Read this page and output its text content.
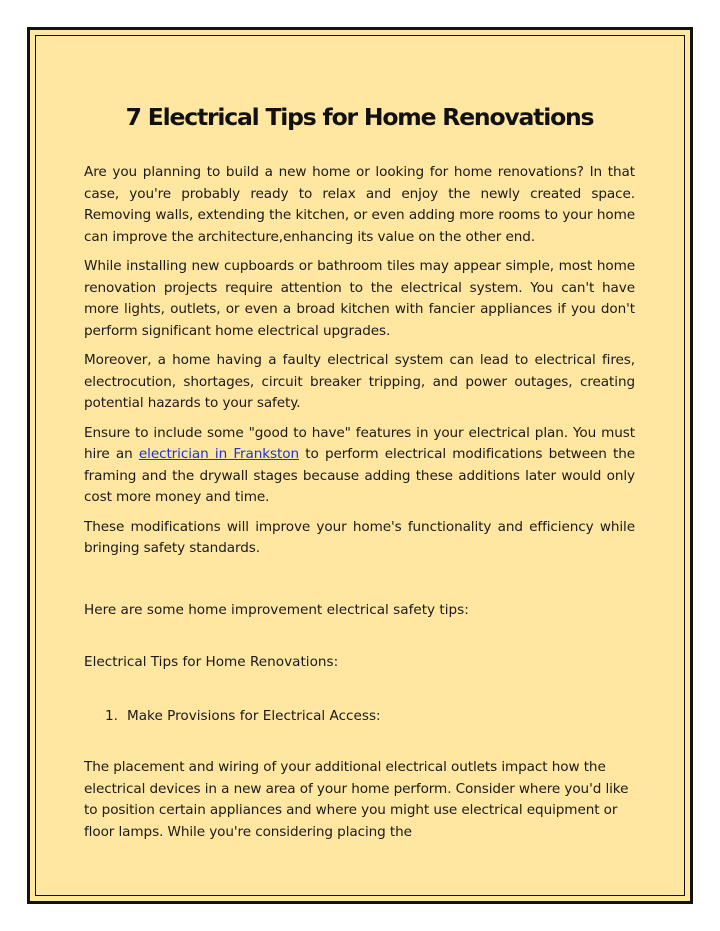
7 Electrical Tips for Home Renovations

Are you planning to build a new home or looking for home renovations? In that case, you're probably ready to relax and enjoy the newly created space. Removing walls, extending the kitchen, or even adding more rooms to your home can improve the architecture,enhancing its value on the other end.

While installing new cupboards or bathroom tiles may appear simple, most home renovation projects require attention to the electrical system. You can't have more lights, outlets, or even a broad kitchen with fancier appliances if you don't perform significant home electrical upgrades.

Moreover, a home having a faulty electrical system can lead to electrical fires, electrocution, shortages, circuit breaker tripping, and power outages, creating potential hazards to your safety.

Ensure to include some "good to have" features in your electrical plan. You must hire an electrician in Frankston to perform electrical modifications between the framing and the drywall stages because adding these additions later would only cost more money and time.

These modifications will improve your home's functionality and efficiency while bringing safety standards.

Here are some home improvement electrical safety tips:

Electrical Tips for Home Renovations:

1. Make Provisions for Electrical Access:

The placement and wiring of your additional electrical outlets impact how the electrical devices in a new area of your home perform. Consider where you'd like to position certain appliances and where you might use electrical equipment or floor lamps. While you're considering placing the
